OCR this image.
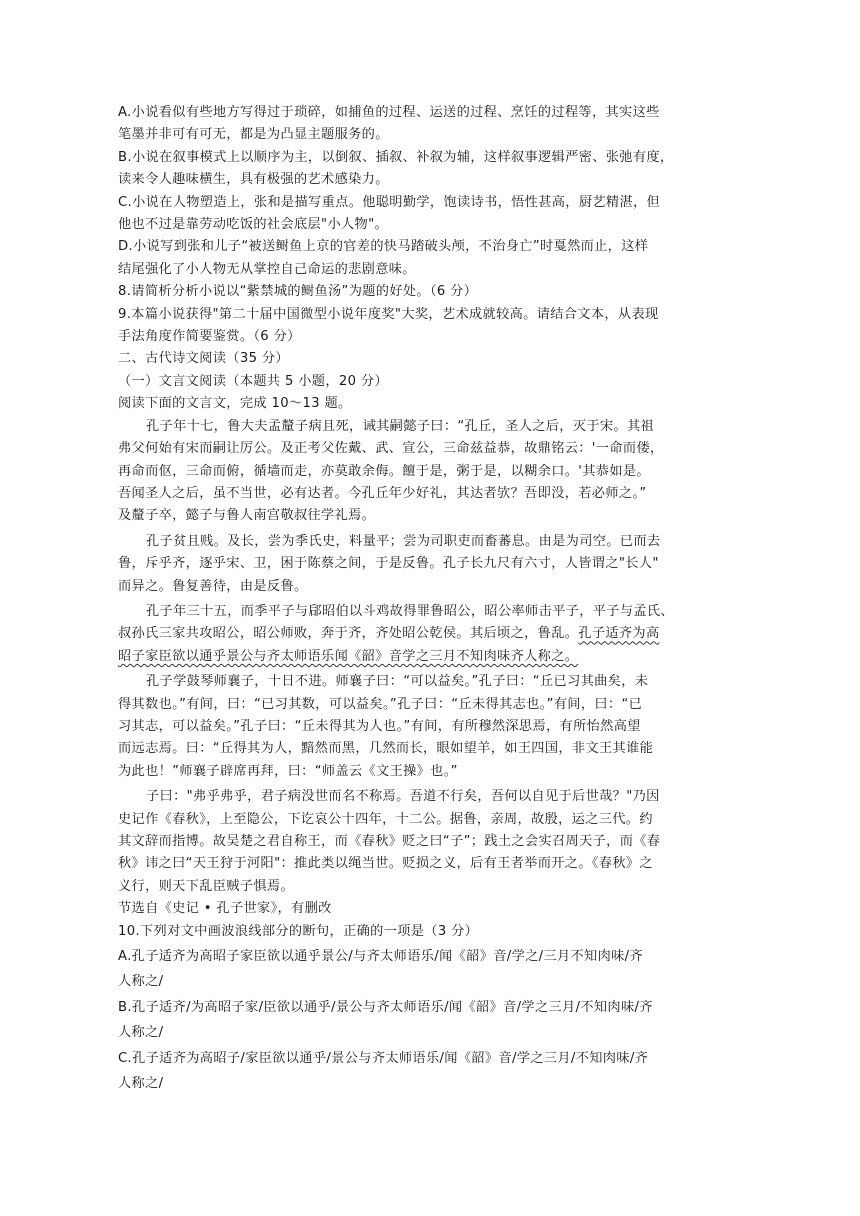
A.小说看似有些地方写得过于琐碎，如捕鱼的过程、运送的过程、烹饪的过程等，其实这些
笔墨并非可有可无，都是为凸显主题服务的。
B.小说在叙事模式上以顺序为主，以倒叙、插叙、补叙为辅，这样叙事逻辑严密、张弛有度，
读来令人趣味横生，具有极强的艺术感染力。
C.小说在人物塑造上，张和是描写重点。他聪明勤学，饱读诗书，悟性甚高，厨艺精湛，但
他也不过是靠劳动吃饭的社会底层"小人物"。
D.小说写到张和儿子“被送鲥鱼上京的官差的快马踏破头颅，不治身亡”时戛然而止，这样
结尾强化了小人物无从掌控自己命运的悲剧意味。
8.请简析分析小说以“紫禁城的鲥鱼汤”为题的好处。（6 分）
9.本篇小说获得"第二十届中国微型小说年度奖"大奖，艺术成就较高。请结合文本，从表现
手法角度作简要鉴赏。（6 分）
二、古代诗文阅读（35 分）
（一）文言文阅读（本题共 5 小题，20 分）
阅读下面的文言文，完成 10～13 题。
孔子年十七，鲁大夫孟釐子病且死，诫其嗣懿子曰：“孔丘，圣人之后，灭于宋。其祖
弗父何始有宋而嗣让厉公。及正考父佐戴、武、宣公，三命兹益恭，故鼎铭云：'一命而偻，
再命而伛，三命而俯，循墙而走，亦莫敢余侮。饘于是，粥于是，以糊余口。'其恭如是。
吾闻圣人之后，虽不当世，必有达者。今孔丘年少好礼，其达者欤？吾即没，若必师之。”
及釐子卒，懿子与鲁人南宫敬叔往学礼焉。
孔子贫且贱。及长，尝为季氏史，料量平；尝为司职吏而畜蕃息。由是为司空。已而去
鲁，斥乎齐，逐乎宋、卫，困于陈蔡之间，于是反鲁。孔子长九尺有六寸，人皆谓之"长人"
而异之。鲁复善待，由是反鲁。
孔子年三十五，而季平子与郈昭伯以斗鸡故得罪鲁昭公，昭公率师击平子，平子与孟氏、
叔孙氏三家共攻昭公，昭公师败，奔于齐，齐处昭公乾侯。其后顷之，鲁乱。孔子适齐为高
昭子家臣欲以通乎景公与齐太师语乐闻《韶》音学之三月不知肉味齐人称之。
孔子学鼓琴师襄子，十日不进。师襄子曰：“可以益矣。”孔子曰：“丘已习其曲矣，未
得其数也。”有间，曰：“已习其数，可以益矣。”孔子曰：“丘未得其志也。”有间，曰：“已
习其志，可以益矣。”孔子曰：“丘未得其为人也。”有间，有所穆然深思焉，有所怡然高望
而远志焉。曰：“丘得其为人，黯然而黑，几然而长，眼如望羊，如王四国，非文王其谁能
为此也！”师襄子辟席再拜，曰：“师盖云《文王操》也。”
子曰："弗乎弗乎，君子病没世而名不称焉。吾道不行矣，吾何以自见于后世哉？"乃因
史记作《春秋》，上至隐公，下讫哀公十四年，十二公。据鲁，亲周，故殷，运之三代。约
其文辞而指博。故吴楚之君自称王，而《春秋》贬之曰“子”；践土之会实召周天子，而《春
秋》讳之曰“天王狩于河阳"：推此类以绳当世。贬损之义，后有王者举而开之。《春秋》之
义行，则天下乱臣贼子惧焉。
节选自《史记 • 孔子世家》，有删改
10.下列对文中画波浪线部分的断句，正确的一项是（3 分）
A.孔子适齐为高昭子家臣欲以通乎景公/与齐太师语乐/闻《韶》音/学之/三月不知肉味/齐
人称之/
B.孔子适齐/为高昭子家/臣欲以通乎/景公与齐太师语乐/闻《韶》音/学之三月/不知肉味/齐
人称之/
C.孔子适齐为高昭子/家臣欲以通乎/景公与齐太师语乐/闻《韶》音/学之三月/不知肉味/齐
人称之/
